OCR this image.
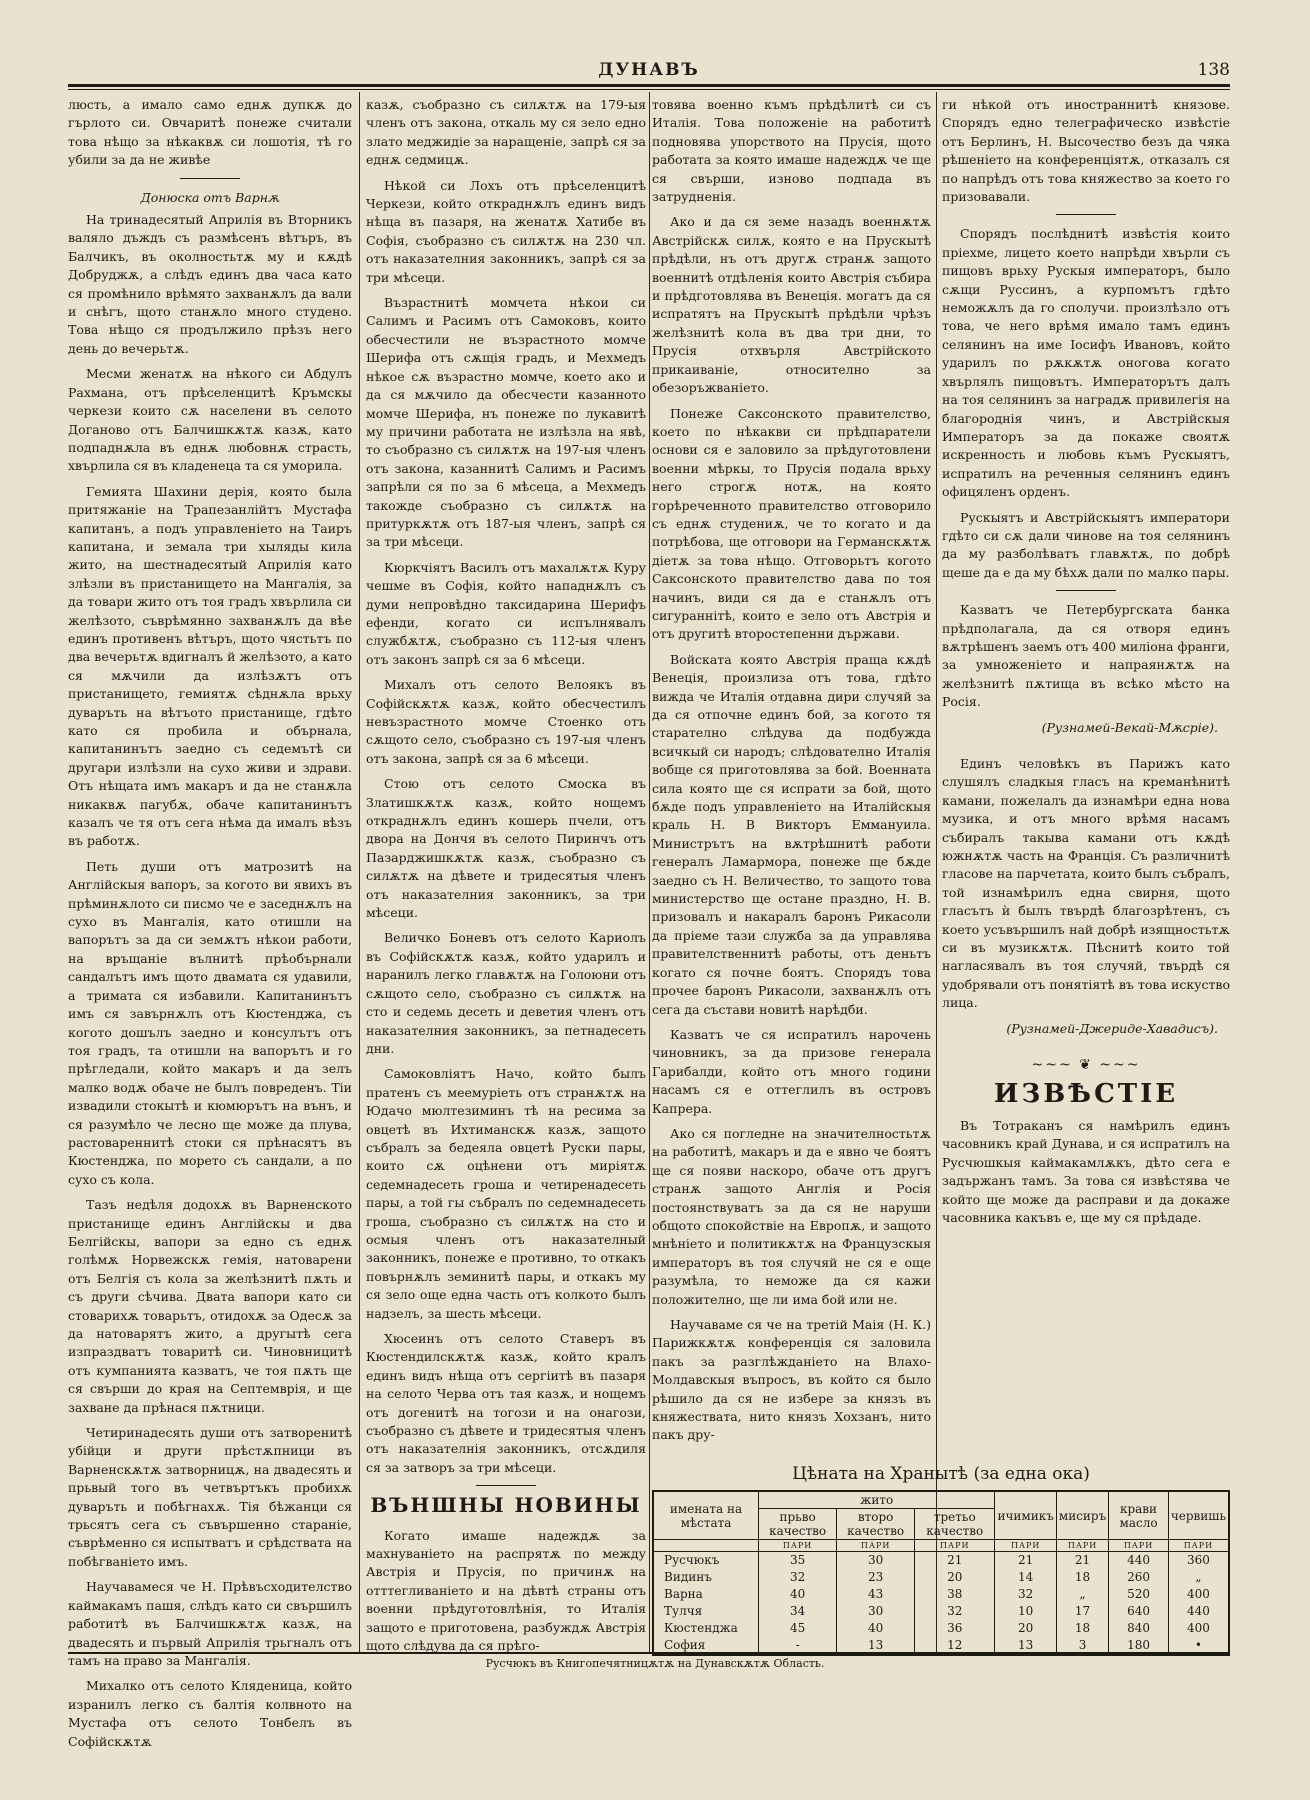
ДУНАВЪ	138

люсть, а имало само еднѫ дупкѫ до гърлото си. Овчаритѣ понеже считали това нѣщо за нѣкаквѫ си лошотія, тѣ го убили за да не живѣе

Донюска отъ Варнѫ

На тринадесятый Априлія въ Вторникъ валяло дъждъ съ размѣсенъ вѣтъръ, въ Балчикъ, въ околностьтѫ му и кѫдѣ Добруджѫ, а слѣдъ единъ два часа като ся промѣнило врѣмято захванѫлъ да вали и снѣгъ, щото станѫло много студено. Това нѣщо ся продължило прѣзъ него день до вечерьтѫ.

Месми женатѫ на нѣкого си Абдулъ Рахмана, отъ прѣселенцитѣ Кръмскы черкези които сѫ населени въ селото Доганово отъ Балчишкѫтѫ казѫ, като подпаднѫла въ еднѫ любовнѫ страсть, хвърлила ся въ кладенеца та ся уморила.

Гемията Шахини дерія, която была притяжаніе на Трапезанлійтъ Мустафа капитанъ, а подъ управленіето на Таиръ капитана, и земала три хыляды кила жито, на шестнадесятый Априлія като злѣзли въ пристанището на Мангалія, за да товари жито отъ тоя градъ хвърлила си желѣзото, съврѣмянно захванѫлъ да вѣе единъ противенъ вѣтъръ, щото чястьтъ по два вечерьтѫ вдигналъ й желѣзото, а като ся мѫчили да излѣзѫтъ отъ пристанището, гемиятѫ сѣднѫла врьху дуваръть на вѣтъото пристанище, гдѣто като ся пробила и обърнала, капитанинътъ заедно съ седемътѣ си другари излѣзли на сухо живи и здрави. Отъ нѣщата имъ макаръ и да не станѫла никаквѫ пагубѫ, обаче капитанинътъ казалъ че тя отъ сега нѣма да ималъ вѣзъ въ работѫ.

Петь души отъ матрозитѣ на Англійскыя вапоръ, за когото ви явихъ въ прѣминѫлото си писмо че е заседнѫлъ на сухо въ Мангалія, като отишли на вапорътъ за да си земѫтъ нѣкои работи, на връщаніе вълнитѣ прѣобърнали сандалътъ имъ щото двамата ся удавили, а тримата ся избавили. Капитанинътъ имъ ся завърнѫлъ отъ Кюстенджа, съ когото дошълъ заедно и консулътъ отъ тоя градъ, та отишли на вапорътъ и го прѣгледали, който макаръ и да зелъ малко водѫ обаче не былъ повреденъ. Тіи извадили стокытѣ и кюмюрътъ на вънъ, и ся разумѣло че лесно ще може да плува, растовареннитѣ стоки ся прѣнасятъ въ Кюстенджа, по морето съ сандали, а по сухо съ кола.

Тазъ недѣля додохѫ въ Варненското пристанище единъ Англійскы и два Белгійскы, вапори за едно съ еднѫ голѣмѫ Норвежскѫ гемія, натоварени отъ Белгія съ кола за желѣзнитѣ пѫть и съ други сѣчива. Двата вапори като си стоварихѫ товарьтъ, отидохѫ за Одесѫ за да натоварятъ жито, а другытѣ сега изпраздватъ товаритѣ си. Чиновницитѣ отъ кумпанията казватъ, че тоя пѫть ще ся свърши до края на Септемврія, и ще захване да прѣнася пѫтници.

Четиринадесять души отъ затворенитѣ убійци и други прѣстѫпници въ Варненскѫтѫ затворницѫ, на двадесять и прьвый того въ четвъртъкъ пробихѫ дуваръть и побѣгнахѫ. Тія бѣжанци ся трьсятъ сега съ съвършенно стараніе, съврѣменно ся испытватъ и срѣдствата на побѣгваніето имъ.

Научавамеся че Н. Прѣвъсходителство каймакамъ пашя, слѣдъ като си свършилъ работитѣ въ Балчишкѫтѫ казѫ, на двадесять и първый Априлія трьгналъ отъ тамъ на право за Мангалія.

Михалко отъ селото Кляденица, който изранилъ легко съ балтія колвното на Мустафа отъ селото Тонбелъ въ Софійскѫтѫ

казѫ, съобразно съ силѫтѫ на 179-ыя членъ отъ закона, откаль му ся зело едно злато меджидіе за наращеніе, запрѣ ся за еднѫ седмицѫ.

Нѣкой си Лохъ отъ прѣселенцитѣ Черкези, който откраднѫлъ единъ видъ нѣща въ пазаря, на женатѫ Хатибе въ Софія, съобразно съ силѫтѫ на 230 чл. отъ наказателния законникъ, запрѣ ся за три мѣсеци.

Възрастнитѣ момчета нѣкои си Салимъ и Расимъ отъ Самоковъ, които обесчестили не възрастното момче Шерифа отъ сѫщія градъ, и Мехмедъ нѣкое сѫ възрастно момче, което ако и да ся мѫчило да обесчести казанното момче Шерифа, нъ понеже по лукавитѣ му причини работата не излѣзла на явѣ, то съобразно съ силѫтѫ на 197-ыя членъ отъ закона, казаннитѣ Салимъ и Расимъ запрѣли ся по за 6 мѣсеца, а Мехмедъ такожде съобразно съ силѫтѫ на притуркѫтѫ отъ 187-ыя членъ, запрѣ ся за три мѣсеци.

Кюркчіятъ Василъ отъ махалѫтѫ Куру чешме въ Софія, който нападнѫлъ съ думи непровѣдно таксидарина Шерифъ ефенди, когато си испълнявалъ службѫтѫ, съобразно съ 112-ыя членъ отъ законъ запрѣ ся за 6 мѣсеци.

Михалъ отъ селото Велоякъ въ Софійскѫтѫ казѫ, който обесчестилъ невъзрастното момче Стоенко отъ сѫщото село, съобразно съ 197-ыя членъ отъ закона, запрѣ ся за 6 мѣсеци.

Стою отъ селото Смоска въ Златишкѫтѫ казѫ, който нощемъ откраднѫлъ единъ кошерь пчели, отъ двора на Дончя въ селото Пиринчъ отъ Пазарджишкѫтѫ казѫ, съобразно съ силѫтѫ на дѣвете и тридесятыя членъ отъ наказателния законникъ, за три мѣсеци.

Величко Боневъ отъ селото Кариолъ въ Софійскѫтѫ казѫ, който ударилъ и наранилъ легко главѫтѫ на Голоюни отъ сѫщото село, съобразно съ силѫтѫ на сто и седемь десеть и деветия членъ отъ наказателния законникъ, за петнадесеть дни.

Самоковліятъ Начо, който былъ пратенъ съ меемуріеть отъ странѫтѫ на Юдачо мюлтезиминъ тѣ на ресима за овцетѣ въ Ихтиманскѫ казѫ, защото събралъ за бедеяла овцетѣ Руски пары, които сѫ оцѣнени отъ миріятѫ седемнадесеть гроша и четиренадесеть пары, а той гы събралъ по седемнадесеть гроша, съобразно съ силѫтѫ на сто и осмыя членъ отъ наказателный законникъ, понеже е противно, то откакъ повърнѫлъ земинитѣ пары, и откакъ му ся зело още една часть отъ колкото былъ надзелъ, за шесть мѣсеци.

Хюсеинъ отъ селото Ставеръ въ Кюстендилскѫтѫ казѫ, който кралъ единъ видъ нѣща отъ сергіитѣ въ пазаря на селото Черва отъ тая казѫ, и нощемъ отъ догенитѣ на тогози и на онагози, съобразно съ дѣвете и тридесятыя членъ отъ наказателнія законникъ, отсѫдиля ся за затворъ за три мѣсеци.

ВЪНШНЫ НОВИНЫ

Когато имаше надеждѫ за махнуваніето на распрятѫ по между Австрія и Прусія, по причинѫ на отттегливаніето и на дѣвтѣ страны отъ военни прѣдуготовлѣнія, то Италія защото е приготовена, разбуждѫ Австрія щото слѣдува да ся прѣго-

товява военно къмъ прѣдѣлитѣ си съ Италія. Това положеніе на работитѣ подновява упорството на Прусія, щото работата за която имаше надеждѫ че ще ся свърши, изново подпада въ затрудненія.

Ако и да ся земе назадъ военнѫтѫ Австрійскѫ силѫ, която е на Прускытѣ прѣдѣли, нъ отъ другѫ странѫ защото военнитѣ отдѣленія които Австрія събира и прѣдготовлява въ Венеція. могатъ да ся испратятъ на Прускытѣ прѣдѣли чрѣзъ желѣзнитѣ кола въ два три дни, то Прусія отхвърля Австрійското прикаиваніе, относително за обезоръжваніето.

Понеже Саксонското правителство, което по нѣкакви си прѣдпаратели основи ся е заловило за прѣдуготовлени военни мѣркы, то Прусія подала врьху него строгѫ нотѫ, на която горѣреченното правителство отговорило съ еднѫ студениѫ, че то когато и да потрѣбова, ще отговори на Германскѫтѫ діетѫ за това нѣщо. Отговорьтъ когото Саксонското правителство дава по тоя начинъ, види ся да е станѫлъ отъ сигураннітѣ, които е зело отъ Австрія и отъ другитѣ второстепенни държави.

Войската която Австрія праща кѫдѣ Венеція, произлиза отъ това, гдѣто вижда че Италія отдавна дири случяй за да ся отпочне единъ бой, за когото тя старателно слѣдува да подбужда всичкый си народъ; слѣдователно Италія вобще ся приготовлява за бой. Военната сила която ще ся испрати за бой, щото бѫде подъ управленіето на Италійскыя краль Н. В Викторъ Еммануила. Министрътъ на вѫтрѣшнитѣ работи генералъ Ламармора, понеже ще бѫде заедно съ Н. Величество, то защото това министерство ще остане праздно, Н. В. призовалъ и накаралъ баронъ Рикасоли да пріеме тази служба за да управлява правителственнитѣ работы, отъ деньтъ когато ся почне боятъ. Спорядъ това прочее баронъ Рикасоли, захванѫлъ отъ сега да състави новитѣ нарѣдби.

Казватъ че ся испратилъ нарочень чиновникъ, за да призове генерала Гарибалди, който отъ много години насамъ ся е оттеглилъ въ островъ Капрера.

Ако ся погледне на значителностьтѫ на работитѣ, макаръ и да е явно че боятъ ще ся появи наскоро, обаче отъ другъ странѫ защото Англія и Росія постоянствуватъ за да ся не наруши общото спокойствіе на Европѫ, и защото мнѣніето и политикѫтѫ на Французскыя императоръ въ тоя случяй не ся е още разумѣла, то неможе да ся кажи положително, ще ли има бой или не.

Научаваме ся че на третій Маія (Н. К.) Парижкѫтѫ конференція ся заловила пакъ за разглѣжданіето на Влахо-Молдавскыя въпросъ, въ който ся было рѣшило да ся не избере за князъ въ княжествата, нито князъ Хохзанъ, нито пакъ дру-

ги нѣкой отъ иностраннитѣ князове. Спорядъ едно телеграфическо извѣстіе отъ Берлинъ, Н. Высочество безъ да чяка рѣшеніето на конференціятѫ, отказалъ ся по напрѣдъ отъ това княжество за което го призовавали.

Спорядъ послѣднитѣ извѣстія които пріехме, лицето което напрѣди хвърли съ пищовъ врьху Рускыя императоръ, было сѫщи Руссинъ, а курпомътъ гдѣто неможѫлъ да го сполучи. произлѣзло отъ това, че него врѣмя имало тамъ единъ селянинъ на име Іосифъ Ивановъ, който ударилъ по рѫкѫтѫ оногова когато хвърлялъ пищовътъ. Императорътъ далъ на тоя селянинъ за наградѫ привилегія на благороднія чинъ, и Австрійскыя Императоръ за да покаже своятѫ искренность и любовь къмъ Рускыятъ, испратилъ на реченныя селянинъ единъ офицяленъ орденъ.

Рускыятъ и Австрійскыятъ императори гдѣто си сѫ дали чинове на тоя селянинъ да му разболѣватъ главѫтѫ, по добрѣ щеше да е да му бѣхѫ дали по малко пары.

Казватъ че Петербургската банка прѣдполагала, да ся отворя единъ вѫтрѣшенъ заемъ отъ 400 миліона франги, за умноженіето и напраянѫтѫ на желѣзнитѣ пѫтища въ всѣко мѣсто на Росія.

(Рузнамей-Векай-Мѫсріе).

Единъ человѣкъ въ Парижъ като слушялъ сладкыя гласъ на кремaнѣнитѣ камани, пожелалъ да изнамѣри една нова музика, и отъ много врѣмя насамъ събиралъ такыва камани отъ кѫдѣ южнѫтѫ часть на Франція. Съ различнитѣ гласове на парчетата, които былъ събралъ, той изнамѣрилъ една свирня, щото гласътъ ѝ былъ твърдѣ благозрѣтенъ, съ което усъвършилъ най добрѣ изящностьтѫ си въ музикѫтѫ. Пѣснитѣ които той нагласявалъ въ тоя случяй, твърдѣ ся удобрявали отъ понятіятѣ въ това искуство лица.

(Рузнамей-Джериде-Хавадисъ).
~~~ ❦ ~~~
ИЗВѢСТІЕ

Въ Тотраканъ ся намѣрилъ единъ часовникъ край Дунава, и ся испратилъ на Русчюшкыя каймакамлѫкъ, дѣто сега е задържанъ тамъ. За това ся извѣстява че който ще може да расправи и да докаже часовника какъвъ е, ще му ся прѣдаде.

Цѣната на Хранытѣ (за една ока)
имената на мѣстата	жито			ичимикъ	мисиръ	крави масло	червишь
	прьво качество	второ качество	третьо качество				
	ПАРИ	ПАРИ	ПАРИ	ПАРИ	ПАРИ	ПАРИ	ПАРИ
Русчюкъ	35	30	21	21	21	440	360
Видинъ	32	23	20	14	18	260	„
Варна	40	43	38	32	„	520	400
Тулчя	34	30	32	10	17	640	440
Кюстенджа	45	40	36	20	18	840	400
София	-	13	12	13	3	180	•
Русчюкъ въ Книгопечятницѫтѫ на Дунавскѫтѫ Область.
